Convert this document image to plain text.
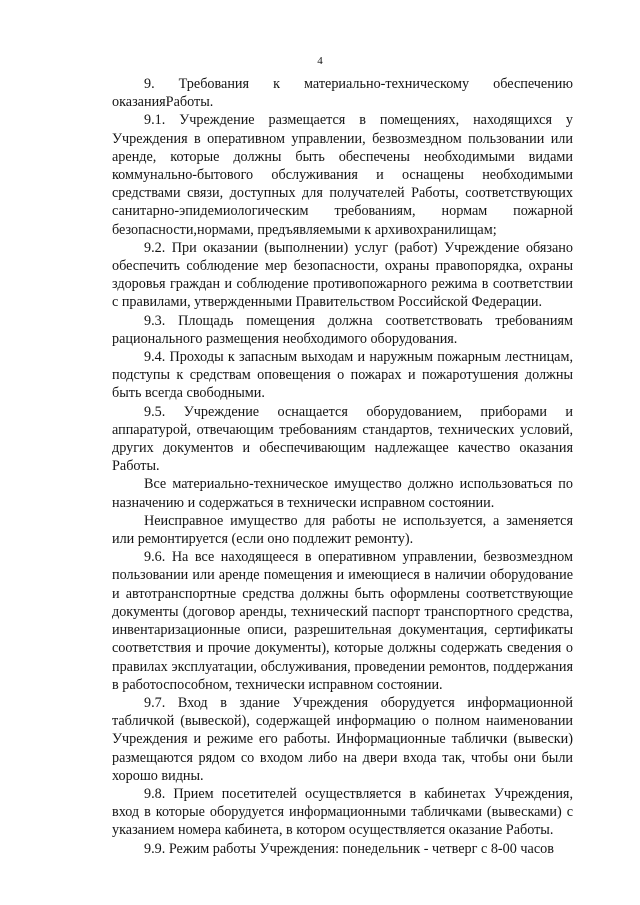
4

9. Требования к материально-техническому обеспечению оказанияРаботы.

9.1. Учреждение размещается в помещениях, находящихся у Учреждения в оперативном управлении, безвозмездном пользовании или аренде, которые должны быть обеспечены необходимыми видами коммунально-бытового обслуживания и оснащены необходимыми средствами связи, доступных для получателей Работы, соответствующих санитарно-эпидемиологическим требованиям, нормам пожарной безопасности,нормами, предъявляемыми к архивохранилищам;

9.2. При оказании (выполнении) услуг (работ) Учреждение обязано обеспечить соблюдение мер безопасности, охраны правопорядка, охраны здоровья граждан и соблюдение противопожарного режима в соответствии с правилами, утвержденными Правительством Российской Федерации.

9.3. Площадь помещения должна соответствовать требованиям рационального размещения необходимого оборудования.

9.4. Проходы к запасным выходам и наружным пожарным лестницам, подступы к средствам оповещения о пожарах и пожаротушения должны быть всегда свободными.

9.5. Учреждение оснащается оборудованием, приборами и аппаратурой, отвечающим требованиям стандартов, технических условий, других документов и обеспечивающим надлежащее качество оказания Работы.

Все материально-техническое имущество должно использоваться по назначению и содержаться в технически исправном состоянии.

Неисправное имущество для работы не используется, а заменяется или ремонтируется (если оно подлежит ремонту).

9.6. На все находящееся в оперативном управлении, безвозмездном пользовании или аренде помещения и имеющиеся в наличии оборудование и автотранспортные средства должны быть оформлены соответствующие документы (договор аренды, технический паспорт транспортного средства, инвентаризационные описи, разрешительная документация, сертификаты соответствия и прочие документы), которые должны содержать сведения о правилах эксплуатации, обслуживания, проведении ремонтов, поддержания в работоспособном, технически исправном состоянии.

9.7. Вход в здание Учреждения оборудуется информационной табличкой (вывеской), содержащей информацию о полном наименовании Учреждения и режиме его работы. Информационные таблички (вывески) размещаются рядом со входом либо на двери входа так, чтобы они были хорошо видны.

9.8. Прием посетителей осуществляется в кабинетах Учреждения, вход в которые оборудуется информационными табличками (вывесками) с указанием номера кабинета, в котором осуществляется оказание Работы.

9.9. Режим работы Учреждения: понедельник - четверг с 8-00 часов
